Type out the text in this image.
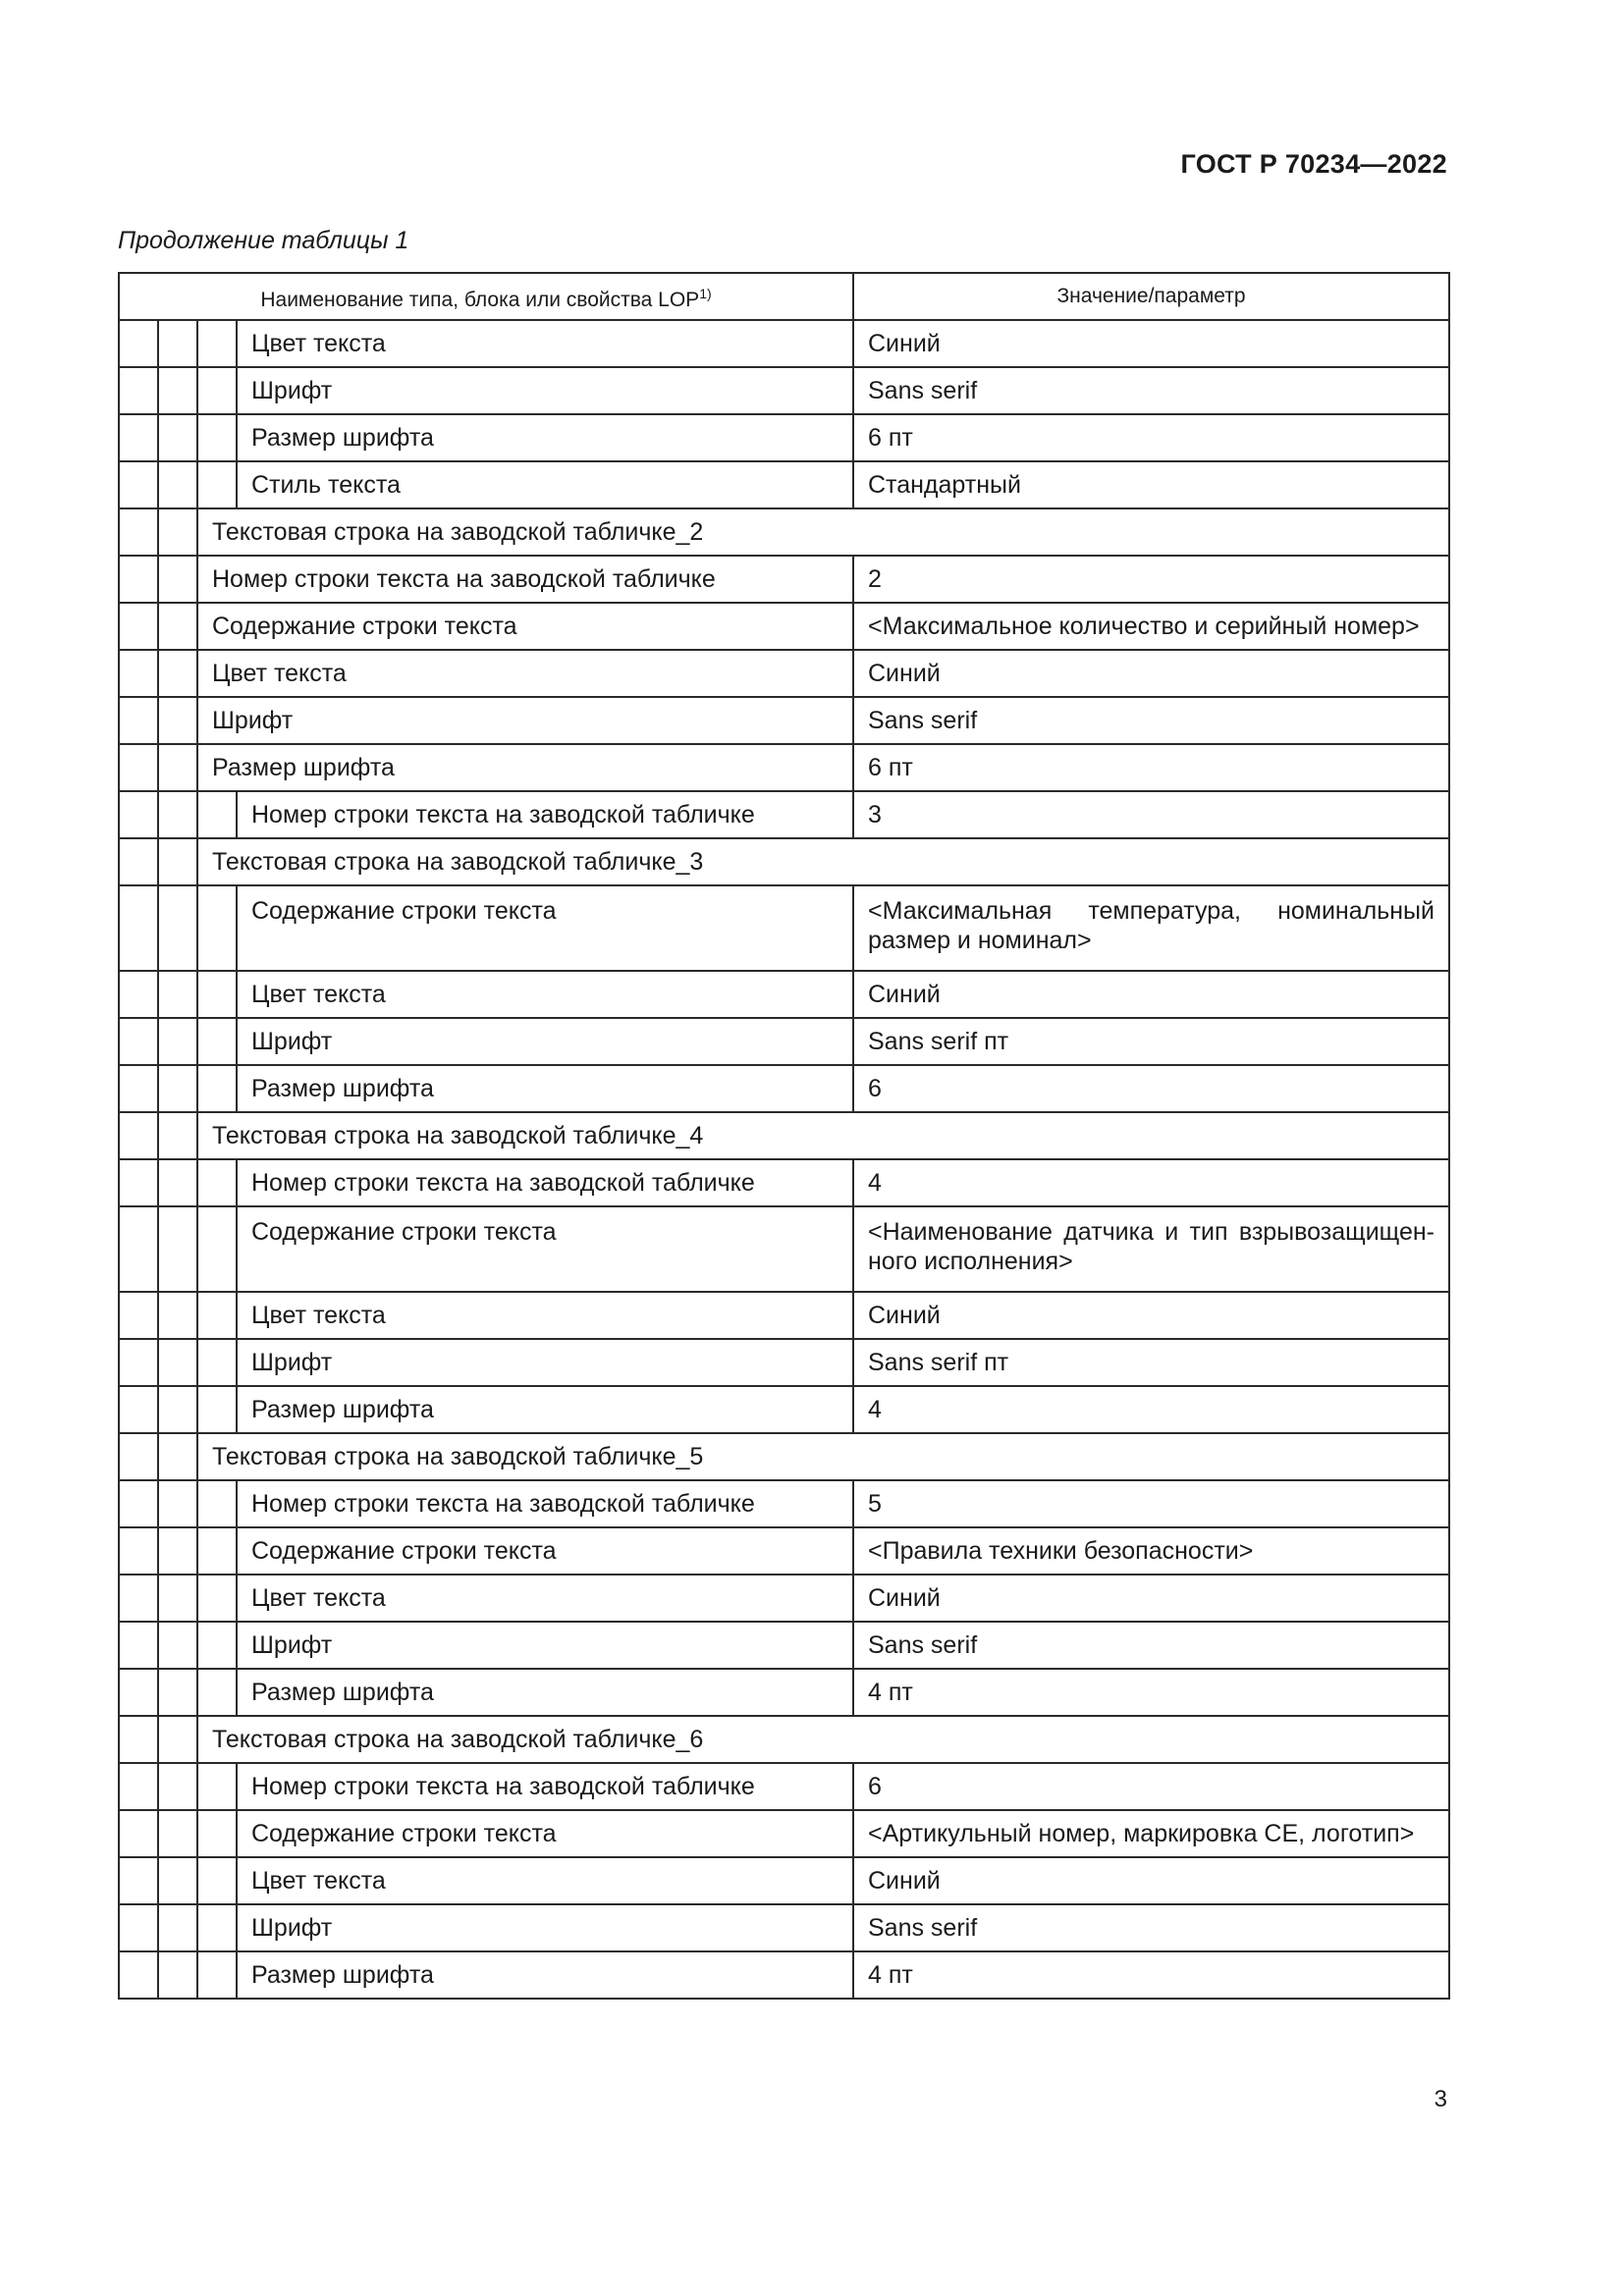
ГОСТ Р 70234—2022
Продолжение таблицы 1
Наименование типа, блока или свойства LOP$^{1)}$				Значение/параметр
			Цвет текста	Синий
			Шрифт	Sans serif
			Размер шрифта	6 пт
			Стиль текста	Стандартный
		Текстовая строка на заводской табличке_2		
		Номер строки текста на заводской табличке		2
		Содержание строки текста		<Максимальное количество и серийный номер>
		Цвет текста		Синий
		Шрифт		Sans serif
		Размер шрифта		6 пт
			Номер строки текста на заводской табличке	3
		Текстовая строка на заводской табличке_3		
			Содержание строки текста	<Максимальная температура, номинальный размер и номинал>
			Цвет текста	Синий
			Шрифт	Sans serif пт
			Размер шрифта	6
		Текстовая строка на заводской табличке_4		
			Номер строки текста на заводской табличке	4
			Содержание строки текста	<Наименование датчика и тип взрывозащищен-ного исполнения>
			Цвет текста	Синий
			Шрифт	Sans serif пт
			Размер шрифта	4
		Текстовая строка на заводской табличке_5		
			Номер строки текста на заводской табличке	5
			Содержание строки текста	<Правила техники безопасности>
			Цвет текста	Синий
			Шрифт	Sans serif
			Размер шрифта	4 пт
		Текстовая строка на заводской табличке_6		
			Номер строки текста на заводской табличке	6
			Содержание строки текста	<Артикульный номер, маркировка CE, логотип>
			Цвет текста	Синий
			Шрифт	Sans serif
			Размер шрифта	4 пт
3
